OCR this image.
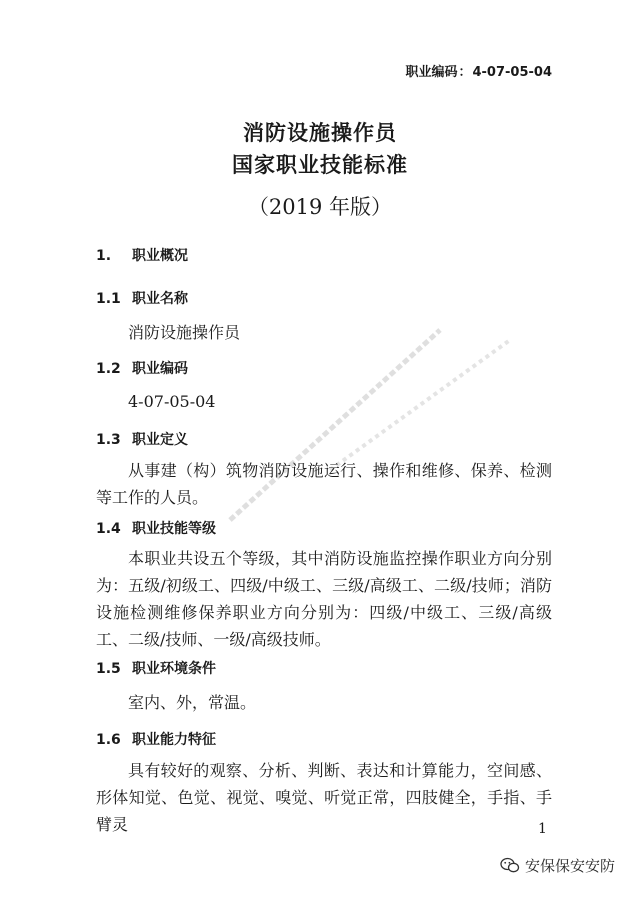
职业编码：4-07-05-04
消防设施操作员
国家职业技能标准
（2019 年版）
1. 职业概况
1.1 职业名称
消防设施操作员
1.2 职业编码
4-07-05-04
1.3 职业定义
从事建（构）筑物消防设施运行、操作和维修、保养、检测等工作的人员。
1.4 职业技能等级
本职业共设五个等级，其中消防设施监控操作职业方向分别为：五级/初级工、四级/中级工、三级/高级工、二级/技师；消防设施检测维修保养职业方向分别为：四级/中级工、三级/高级工、二级/技师、一级/高级技师。
1.5 职业环境条件
室内、外，常温。
1.6 职业能力特征
具有较好的观察、分析、判断、表达和计算能力，空间感、形体知觉、色觉、视觉、嗅觉、听觉正常，四肢健全，手指、手臂灵	1
安保保安安防
